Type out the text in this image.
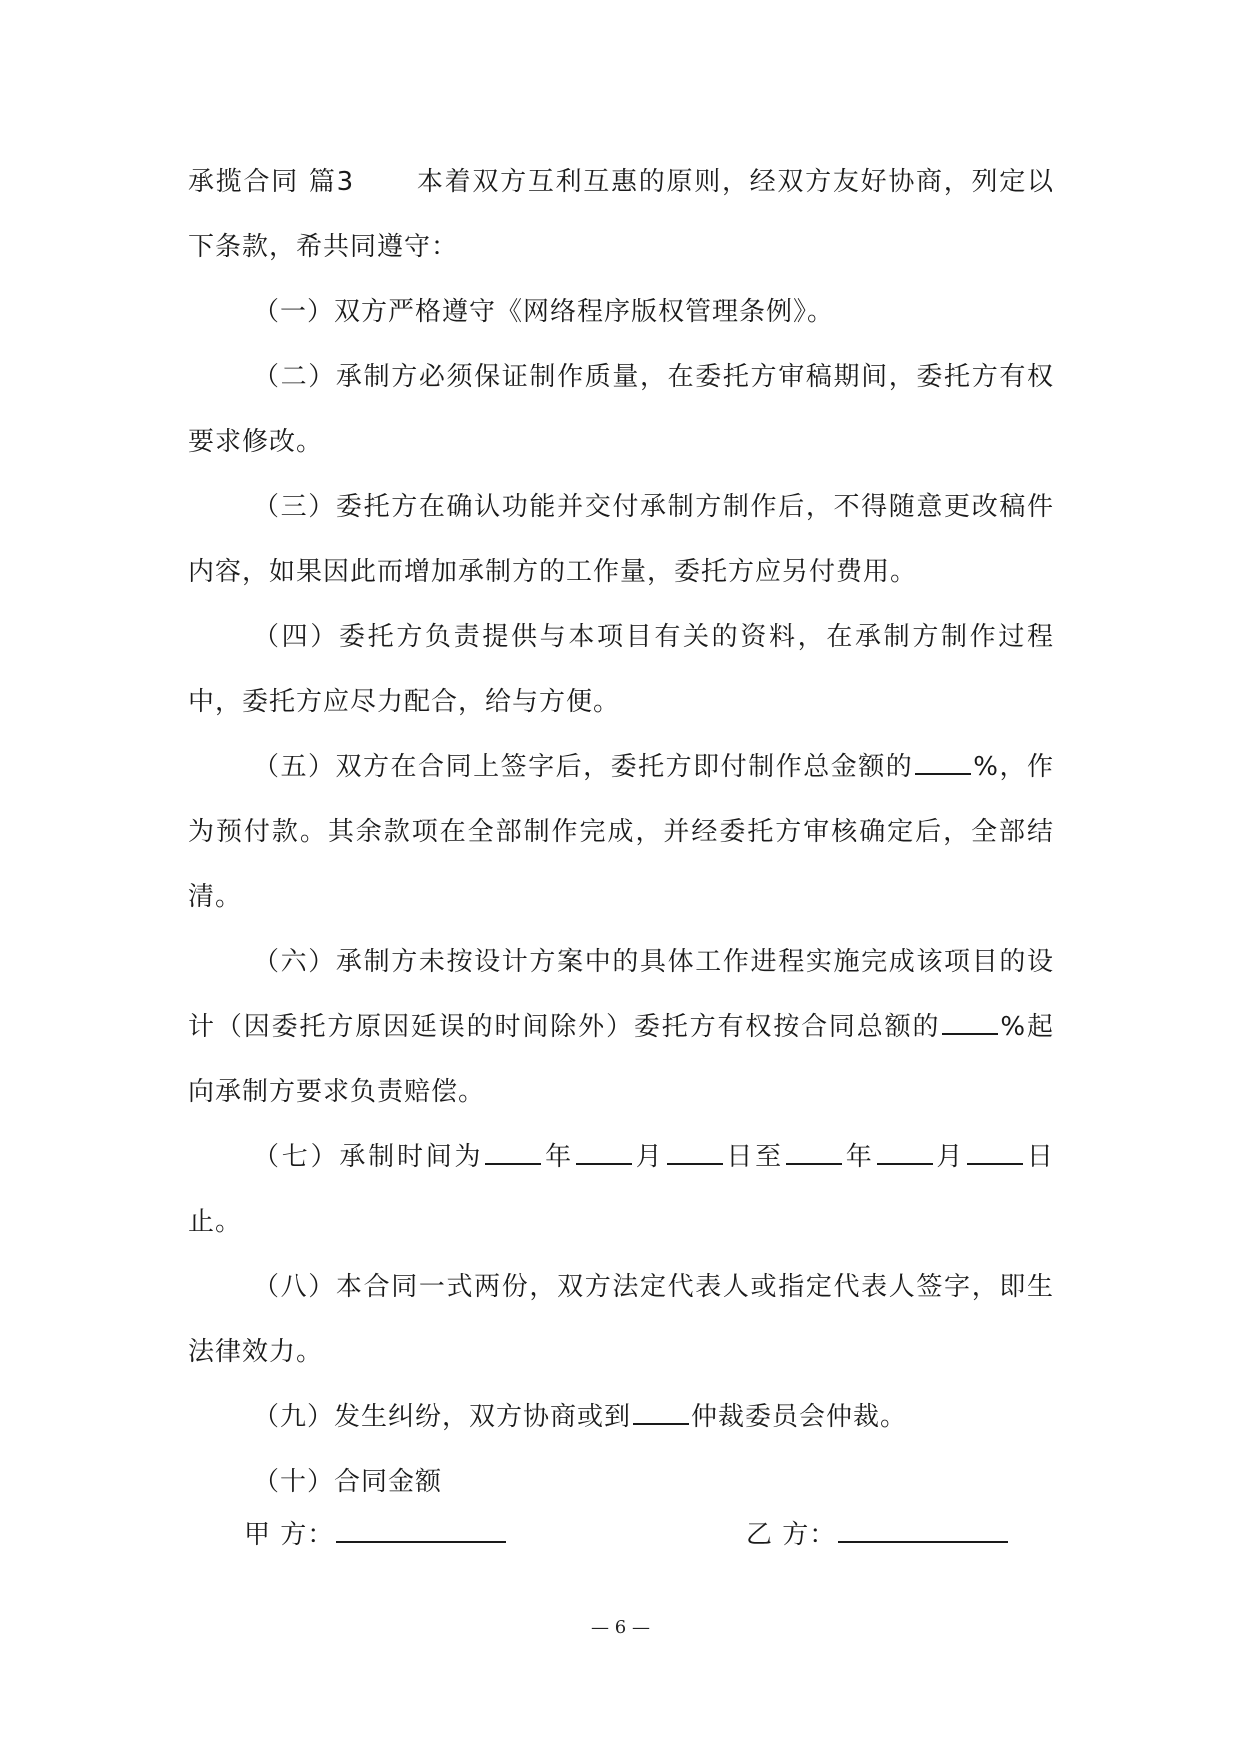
承揽合同 篇3 本着双方互利互惠的原则，经双方友好协商，列定以下条款，希共同遵守：

（一）双方严格遵守《网络程序版权管理条例》。

（二）承制方必须保证制作质量，在委托方审稿期间，委托方有权要求修改。

（三）委托方在确认功能并交付承制方制作后，不得随意更改稿件内容，如果因此而增加承制方的工作量，委托方应另付费用。

（四）委托方负责提供与本项目有关的资料，在承制方制作过程中，委托方应尽力配合，给与方便。

（五）双方在合同上签字后，委托方即付制作总金额的 %，作为预付款。其余款项在全部制作完成，并经委托方审核确定后，全部结清。

（六）承制方未按设计方案中的具体工作进程实施完成该项目的设计（因委托方原因延误的时间除外）委托方有权按合同总额的 %起向承制方要求负责赔偿。

（七）承制时间为 年 月 日至 年 月 日止。

（八）本合同一式两份，双方法定代表人或指定代表人签字，即生法律效力。

（九）发生纠纷，双方协商或到 仲裁委员会仲裁。

（十）合同金额

甲 方：	乙 方：
— 6 —
